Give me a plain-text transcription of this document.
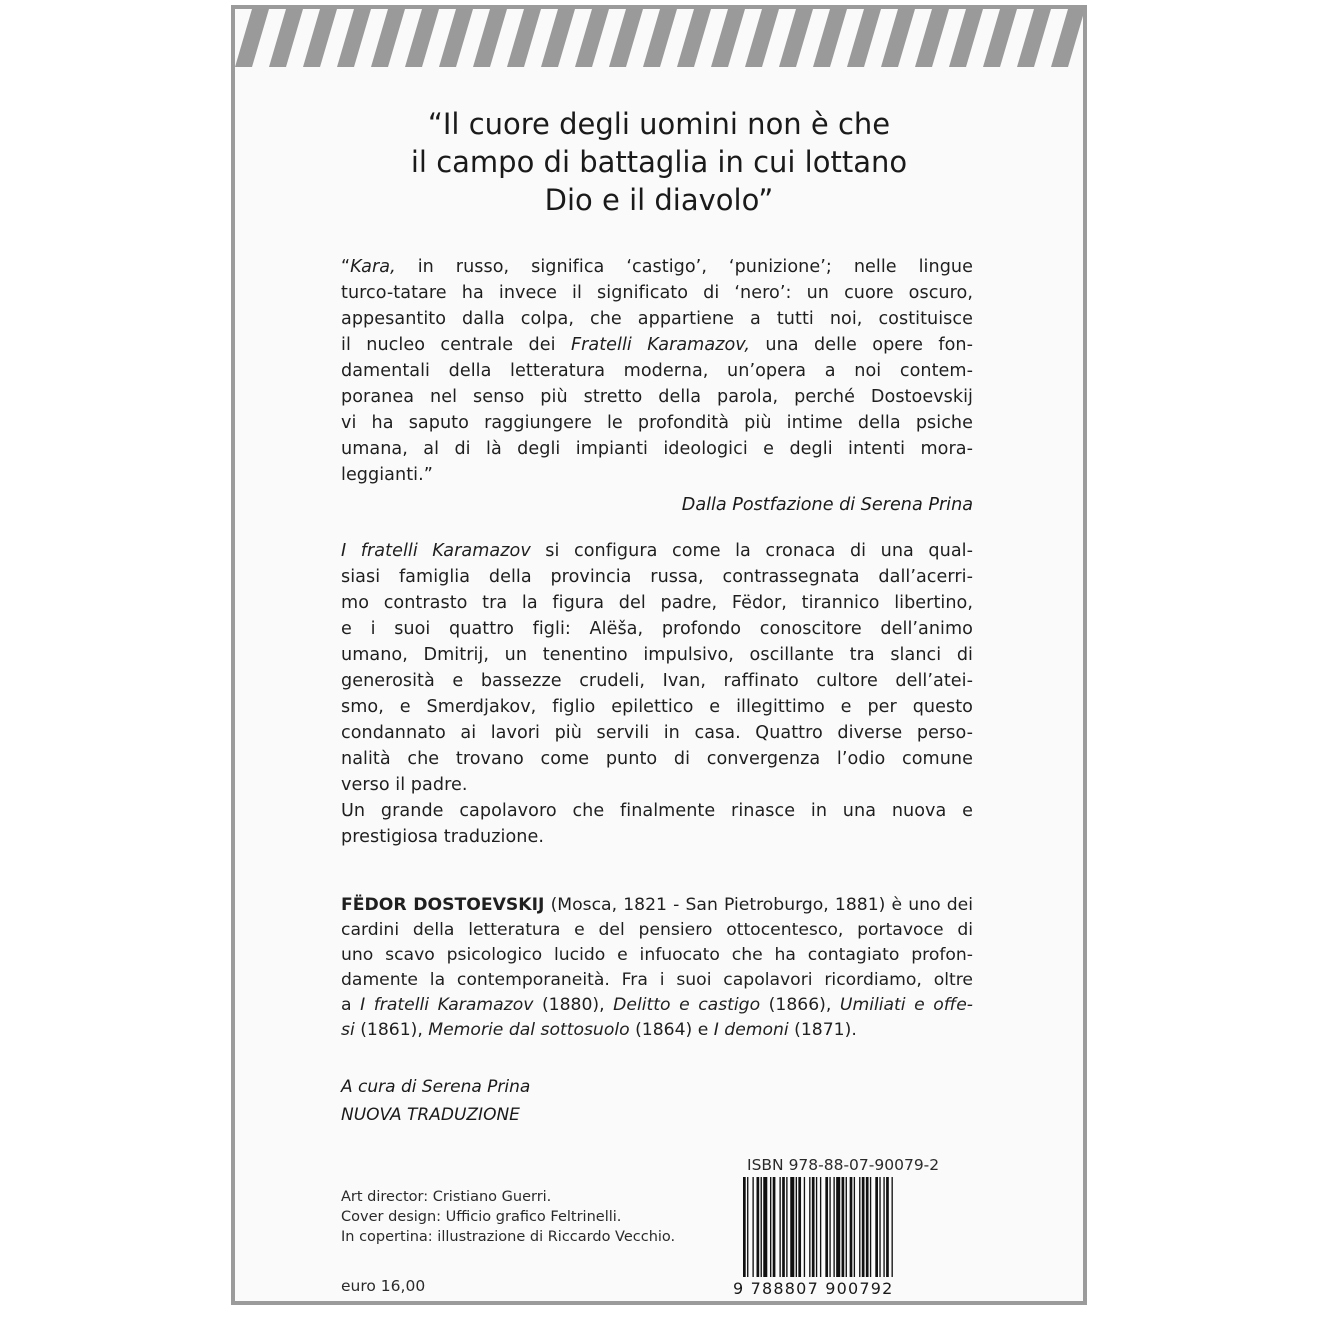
“Il cuore degli uomini non è che
il campo di battaglia in cui lottano
Dio e il diavolo”
“Kara, in russo, significa ‘castigo’, ‘punizione’; nelle lingue
turco-tatare ha invece il significato di ‘nero’: un cuore oscuro,
appesantito dalla colpa, che appartiene a tutti noi, costituisce
il nucleo centrale dei Fratelli Karamazov, una delle opere fon-
damentali della letteratura moderna, un’opera a noi contem-
poranea nel senso più stretto della parola, perché Dostoevskij
vi ha saputo raggiungere le profondità più intime della psiche
umana, al di là degli impianti ideologici e degli intenti mora-
leggianti.”
Dalla Postfazione di Serena Prina
I fratelli Karamazov si configura come la cronaca di una qual-
siasi famiglia della provincia russa, contrassegnata dall’acerri-
mo contrasto tra la figura del padre, Fëdor, tirannico libertino,
e i suoi quattro figli: Alëša, profondo conoscitore dell’animo
umano, Dmitrij, un tenentino impulsivo, oscillante tra slanci di
generosità e bassezze crudeli, Ivan, raffinato cultore dell’atei-
smo, e Smerdjakov, figlio epilettico e illegittimo e per questo
condannato ai lavori più servili in casa. Quattro diverse perso-
nalità che trovano come punto di convergenza l’odio comune
verso il padre.
Un grande capolavoro che finalmente rinasce in una nuova e
prestigiosa traduzione.
FËDOR DOSTOEVSKIJ (Mosca, 1821 - San Pietroburgo, 1881) è uno dei
cardini della letteratura e del pensiero ottocentesco, portavoce di
uno scavo psicologico lucido e infuocato che ha contagiato profon-
damente la contemporaneità. Fra i suoi capolavori ricordiamo, oltre
a I fratelli Karamazov (1880), Delitto e castigo (1866), Umiliati e offe-
si (1861), Memorie dal sottosuolo (1864) e I demoni (1871).
A cura di Serena Prina
NUOVA TRADUZIONE
Art director: Cristiano Guerri.
Cover design: Ufficio grafico Feltrinelli.
In copertina: illustrazione di Riccardo Vecchio.
euro 16,00
ISBN 978-88-07-90079-2
9 788807 900792
